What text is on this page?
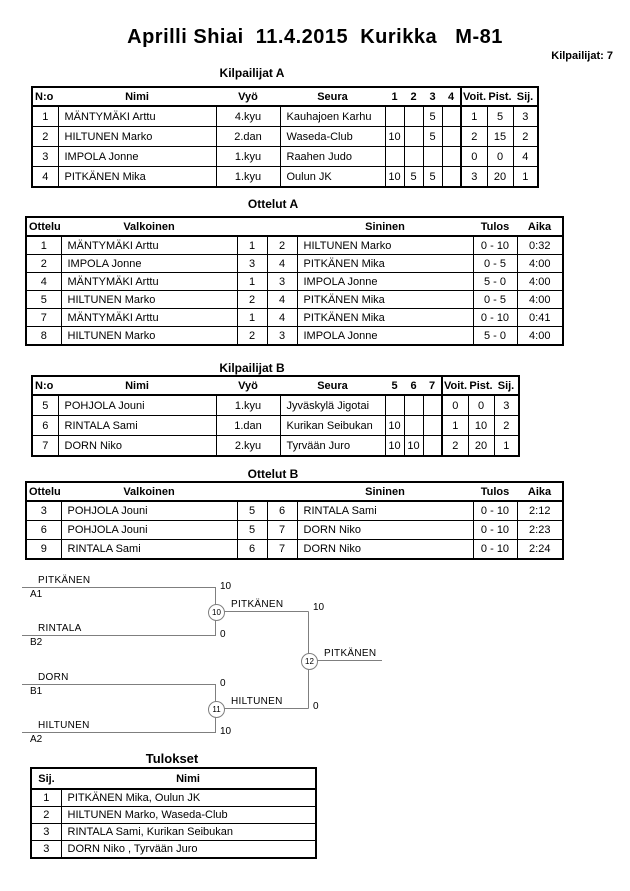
Aprilli Shiai  11.4.2015  Kurikka   M-81
Kilpailijat: 7
Kilpailijat A
N:o	Nimi	Vyö	Seura	1	2	3	4	Voit.	Pist.	Sij.
1	MÄNTYMÄKI Arttu	4.kyu	Kauhajoen Karhu			5		1	5	3
2	HILTUNEN Marko	2.dan	Waseda-Club	10		5		2	15	2
3	IMPOLA Jonne	1.kyu	Raahen Judo					0	0	4
4	PITKÄNEN Mika	1.kyu	Oulun JK	10	5	5		3	20	1
Ottelut A
Ottelu	Valkoinen			Sininen	Tulos	Aika
1	MÄNTYMÄKI Arttu	1	2	HILTUNEN Marko	0 - 10	0:32
2	IMPOLA Jonne	3	4	PITKÄNEN Mika	0 - 5	4:00
4	MÄNTYMÄKI Arttu	1	3	IMPOLA Jonne	5 - 0	4:00
5	HILTUNEN Marko	2	4	PITKÄNEN Mika	0 - 5	4:00
7	MÄNTYMÄKI Arttu	1	4	PITKÄNEN Mika	0 - 10	0:41
8	HILTUNEN Marko	2	3	IMPOLA Jonne	5 - 0	4:00
Kilpailijat B
N:o	Nimi	Vyö	Seura	5	6	7	Voit.	Pist.	Sij.
5	POHJOLA Jouni	1.kyu	Jyväskylä Jigotai				0	0	3
6	RINTALA Sami	1.dan	Kurikan Seibukan	10			1	10	2
7	DORN Niko	2.kyu	Tyrvään Juro	10	10		2	20	1
Ottelut B
Ottelu	Valkoinen			Sininen	Tulos	Aika
3	POHJOLA Jouni	5	6	RINTALA Sami	0 - 10	2:12
6	POHJOLA Jouni	5	7	DORN Niko	0 - 10	2:23
9	RINTALA Sami	6	7	DORN Niko	0 - 10	2:24
PITKÄNEN
A1
10
RINTALA
B2
0
10
PITKÄNEN	10
DORN
B1
0
HILTUNEN
A2
10
11
HILTUNEN	0
12
PITKÄNEN
Tulokset
Sij.	Nimi
1	PITKÄNEN Mika, Oulun JK
2	HILTUNEN Marko, Waseda-Club
3	RINTALA Sami, Kurikan Seibukan
3	DORN Niko , Tyrvään Juro
